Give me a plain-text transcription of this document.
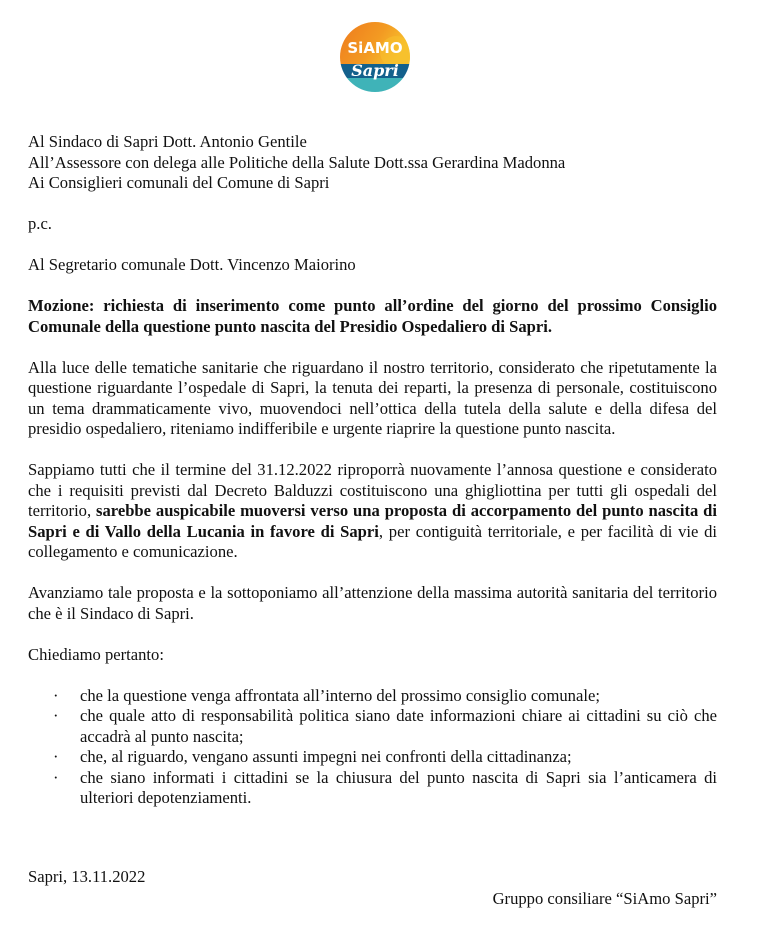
SiAMO
Sapri
Al Sindaco di Sapri Dott. Antonio Gentile
All’Assessore con delega alle Politiche della Salute Dott.ssa Gerardina Madonna
Ai Consiglieri comunali del Comune di Sapri
p.c.
Al Segretario comunale Dott. Vincenzo Maiorino

Mozione: richiesta di inserimento come punto all’ordine del giorno del prossimo Consiglio Comunale della questione punto nascita del Presidio Ospedaliero di Sapri.

Alla luce delle tematiche sanitarie che riguardano il nostro territorio, considerato che ripetutamente la questione riguardante l’ospedale di Sapri, la tenuta dei reparti, la presenza di personale, costituiscono un tema drammaticamente vivo, muovendoci nell’ottica della tutela della salute e della difesa del presidio ospedaliero, riteniamo indifferibile e urgente riaprire la questione punto nascita.

Sappiamo tutti che il termine del 31.12.2022 riproporrà nuovamente l’annosa questione e considerato che i requisiti previsti dal Decreto Balduzzi costituiscono una ghigliottina per tutti gli ospedali del territorio, sarebbe auspicabile muoversi verso una proposta di accorpamento del punto nascita di Sapri e di Vallo della Lucania in favore di Sapri, per contiguità territoriale, e per facilità di vie di collegamento e comunicazione.

Avanziamo tale proposta e la sottoponiamo all’attenzione della massima autorità sanitaria del territorio che è il Sindaco di Sapri.

Chiediamo pertanto:

· che la questione venga affrontata all’interno del prossimo consiglio comunale;
· che quale atto di responsabilità politica siano date informazioni chiare ai cittadini su ciò che accadrà al punto nascita;
· che, al riguardo, vengano assunti impegni nei confronti della cittadinanza;
· che siano informati i cittadini se la chiusura del punto nascita di Sapri sia l’anticamera di ulteriori depotenziamenti.
Sapri, 13.11.2022
Gruppo consiliare “SiAmo Sapri”
